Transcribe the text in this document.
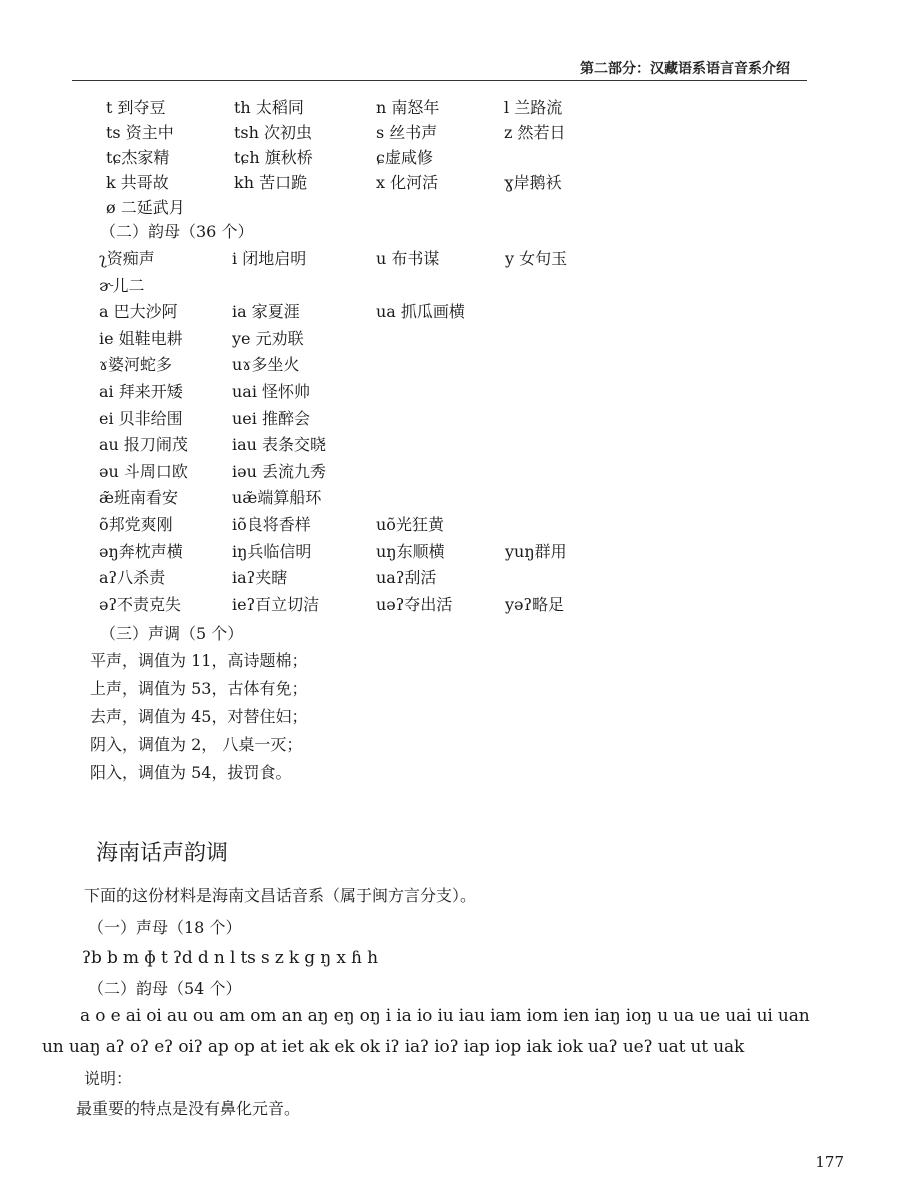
第二部分：汉藏语系语言音系介绍
t 到夺豆	th 太稻同	n 南怒年	l 兰路流
ts 资主中	tsh 次初虫	s 丝书声	z 然若日
tɕ杰家精	tɕh 旗秋桥	ɕ虚咸修
k 共哥故	kh 苦口跪	x 化河活	ɣ岸鹅袄
ø 二延武月
（二）韵母（36 个）
ʅ资痴声	i 闭地启明	u 布书谋	y 女句玉
ɚ儿二
a 巴大沙阿	ia 家夏涯	ua 抓瓜画横
ie 姐鞋电耕	ye 元劝联
ɤ婆河蛇多	uɤ多坐火
ai 拜来开矮	uai 怪怀帅
ei 贝非给围	uei 推醉会
au 报刀闹茂	iau 表条交晓
əu 斗周口欧	iəu 丢流九秀
æ̃班南看安	uæ̃端算船环
õ邦党爽刚	iõ良将香样	uõ光狂黄
əŋ奔枕声横	iŋ兵临信明	uŋ东顺横	yuŋ群用
aʔ八杀责	iaʔ夹瞎	uaʔ刮活
əʔ不责克失	ieʔ百立切洁	uəʔ夺出活	yəʔ略足
（三）声调（5 个）
平声，调值为 11，高诗题棉；
上声，调值为 53，古体有免；
去声，调值为 45，对替住妇；
阴入，调值为 2， 八桌一灭；
阳入，调值为 54，拔罚食。
海南话声韵调
下面的这份材料是海南文昌话音系（属于闽方言分支）。
（一）声母（18 个）
ʔb b m ɸ t ʔd d n l ts s z k g ŋ x ɦ h
（二）韵母（54 个）
a o e ai oi au ou am om an aŋ eŋ oŋ i ia io iu iau iam iom ien iaŋ ioŋ u ua ue uai ui uan
un uaŋ aʔ oʔ eʔ oiʔ ap op at iet ak ek ok iʔ iaʔ ioʔ iap iop iak iok uaʔ ueʔ uat ut uak
说明：
最重要的特点是没有鼻化元音。
177
